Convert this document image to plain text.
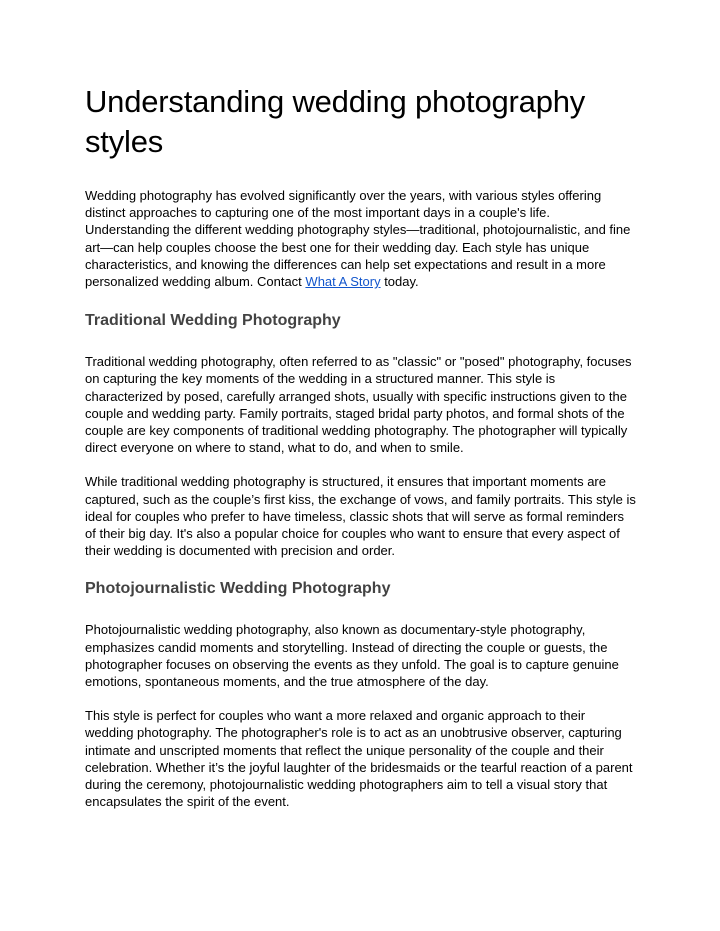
Understanding wedding photography styles

Wedding photography has evolved significantly over the years, with various styles offering distinct approaches to capturing one of the most important days in a couple's life. Understanding the different wedding photography styles—traditional, photojournalistic, and fine art—can help couples choose the best one for their wedding day. Each style has unique characteristics, and knowing the differences can help set expectations and result in a more personalized wedding album. Contact What A Story today.

Traditional Wedding Photography

Traditional wedding photography, often referred to as "classic" or "posed" photography, focuses on capturing the key moments of the wedding in a structured manner. This style is characterized by posed, carefully arranged shots, usually with specific instructions given to the couple and wedding party. Family portraits, staged bridal party photos, and formal shots of the couple are key components of traditional wedding photography. The photographer will typically direct everyone on where to stand, what to do, and when to smile.

While traditional wedding photography is structured, it ensures that important moments are captured, such as the couple’s first kiss, the exchange of vows, and family portraits. This style is ideal for couples who prefer to have timeless, classic shots that will serve as formal reminders of their big day. It's also a popular choice for couples who want to ensure that every aspect of their wedding is documented with precision and order.

Photojournalistic Wedding Photography

Photojournalistic wedding photography, also known as documentary-style photography, emphasizes candid moments and storytelling. Instead of directing the couple or guests, the photographer focuses on observing the events as they unfold. The goal is to capture genuine emotions, spontaneous moments, and the true atmosphere of the day.

This style is perfect for couples who want a more relaxed and organic approach to their wedding photography. The photographer's role is to act as an unobtrusive observer, capturing intimate and unscripted moments that reflect the unique personality of the couple and their celebration. Whether it’s the joyful laughter of the bridesmaids or the tearful reaction of a parent during the ceremony, photojournalistic wedding photographers aim to tell a visual story that encapsulates the spirit of the event.
